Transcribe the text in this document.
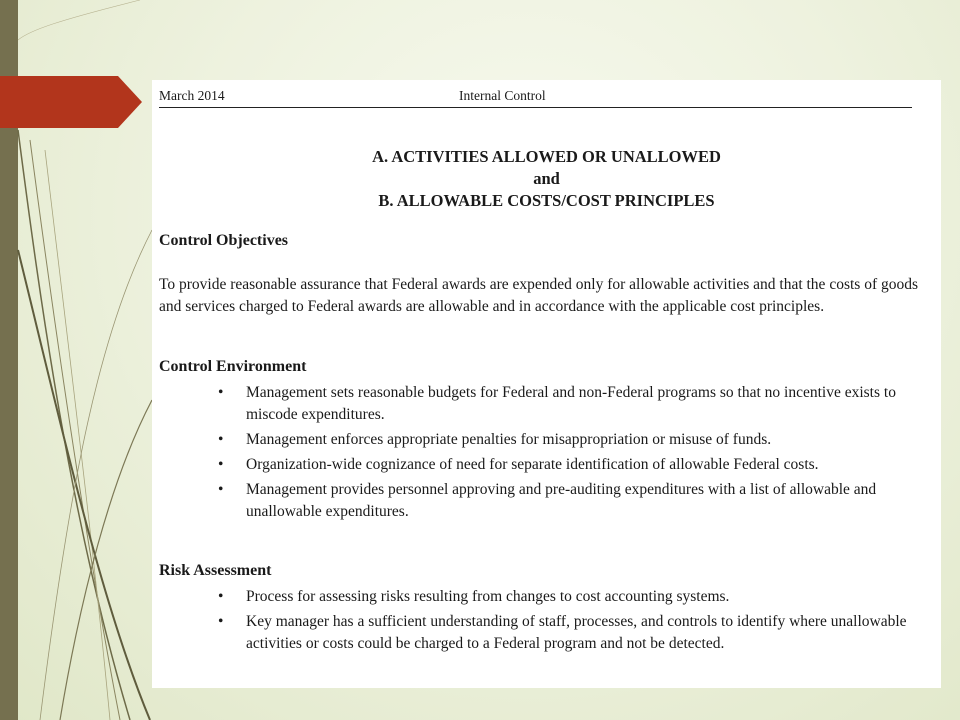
March 2014	Internal Control
A. ACTIVITIES ALLOWED OR UNALLOWED
and
B. ALLOWABLE COSTS/COST PRINCIPLES
Control Objectives
To provide reasonable assurance that Federal awards are expended only for allowable activities and that the costs of goods and services charged to Federal awards are allowable and in accordance with the applicable cost principles.
Control Environment
• Management sets reasonable budgets for Federal and non-Federal programs so that no incentive exists to miscode expenditures.
• Management enforces appropriate penalties for misappropriation or misuse of funds.
• Organization-wide cognizance of need for separate identification of allowable Federal costs.
• Management provides personnel approving and pre-auditing expenditures with a list of allowable and unallowable expenditures.
Risk Assessment
• Process for assessing risks resulting from changes to cost accounting systems.
• Key manager has a sufficient understanding of staff, processes, and controls to identify where unallowable activities or costs could be charged to a Federal program and not be detected.
